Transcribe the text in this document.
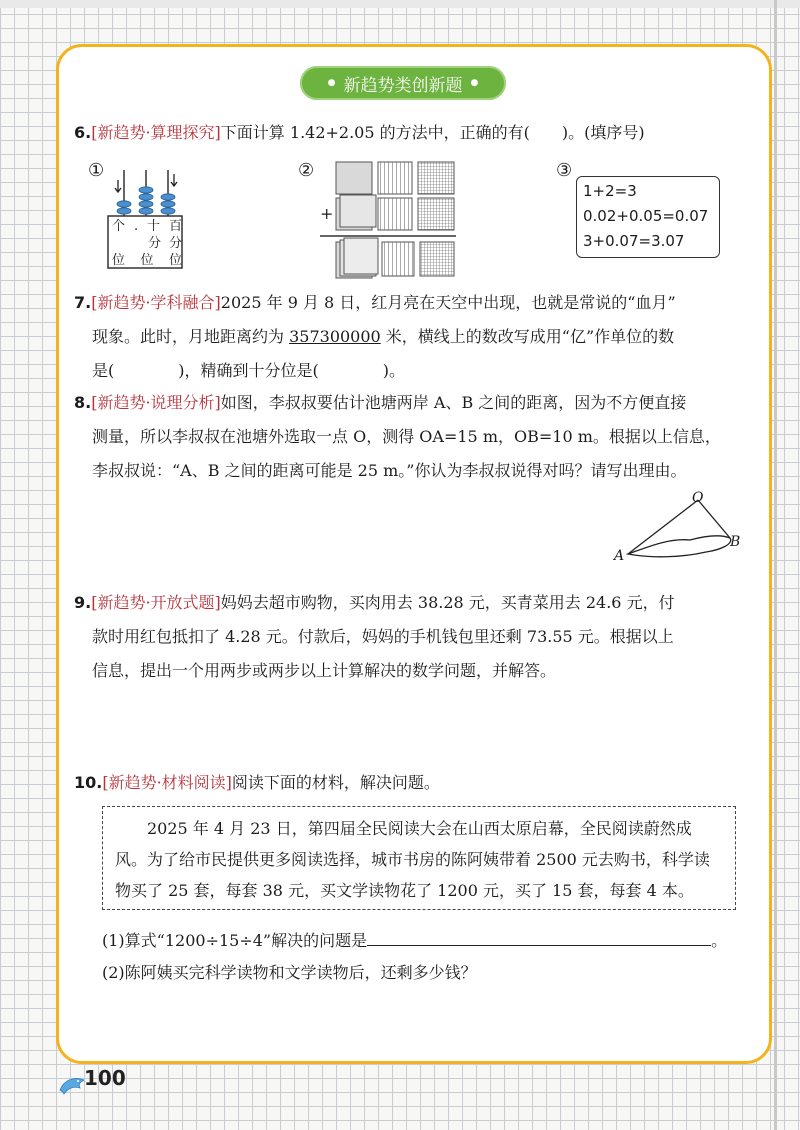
● 新趋势类创新题 ●
6.[新趋势·算理探究]下面计算 1.42+2.05 的方法中，正确的有(　　)。(填序号)
①	②	③
个 . 十 百
分 分
位 位 位
+
1+2=3
0.02+0.05=0.07
3+0.07=3.07
7.[新趋势·学科融合]2025 年 9 月 8 日，红月亮在天空中出现，也就是常说的“血月”
现象。此时，月地距离约为 357300000 米，横线上的数改写成用“亿”作单位的数
是(　　　　)，精确到十分位是(　　　　)。
8.[新趋势·说理分析]如图，李叔叔要估计池塘两岸 A、B 之间的距离，因为不方便直接
测量，所以李叔叔在池塘外选取一点 O，测得 OA=15 m，OB=10 m。根据以上信息，
李叔叔说：“A、B 之间的距离可能是 25 m。”你认为李叔叔说得对吗？请写出理由。
O
A
B
9.[新趋势·开放式题]妈妈去超市购物，买肉用去 38.28 元，买青菜用去 24.6 元，付
款时用红包抵扣了 4.28 元。付款后，妈妈的手机钱包里还剩 73.55 元。根据以上
信息，提出一个用两步或两步以上计算解决的数学问题，并解答。
10.[新趋势·材料阅读]阅读下面的材料，解决问题。

2025 年 4 月 23 日，第四届全民阅读大会在山西太原启幕，全民阅读蔚然成风。为了给市民提供更多阅读选择，城市书房的陈阿姨带着 2500 元去购书，科学读物买了 25 套，每套 38 元，买文学读物花了 1200 元，买了 15 套，每套 4 本。

(1)算式“1200÷15÷4”解决的问题是	。
(2)陈阿姨买完科学读物和文学读物后，还剩多少钱？
100
